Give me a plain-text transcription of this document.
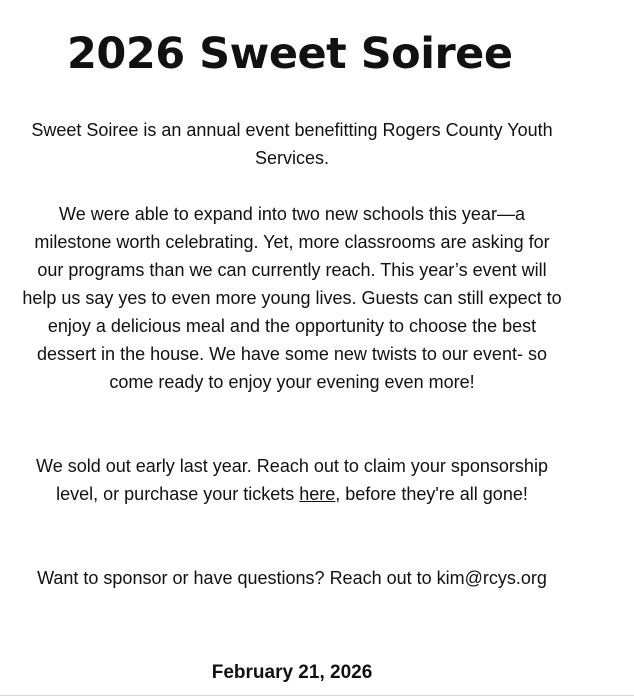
2026 Sweet Soiree

Sweet Soiree is an annual event benefitting Rogers County Youth Services.

We were able to expand into two new schools this year—a milestone worth celebrating. Yet, more classrooms are asking for our programs than we can currently reach. This year’s event will help us say yes to even more young lives. Guests can still expect to enjoy a delicious meal and the opportunity to choose the best dessert in the house. We have some new twists to our event- so come ready to enjoy your evening even more!

We sold out early last year. Reach out to claim your sponsorship level, or purchase your tickets here, before they're all gone!

Want to sponsor or have questions? Reach out to kim@rcys.org

February 21, 2026
